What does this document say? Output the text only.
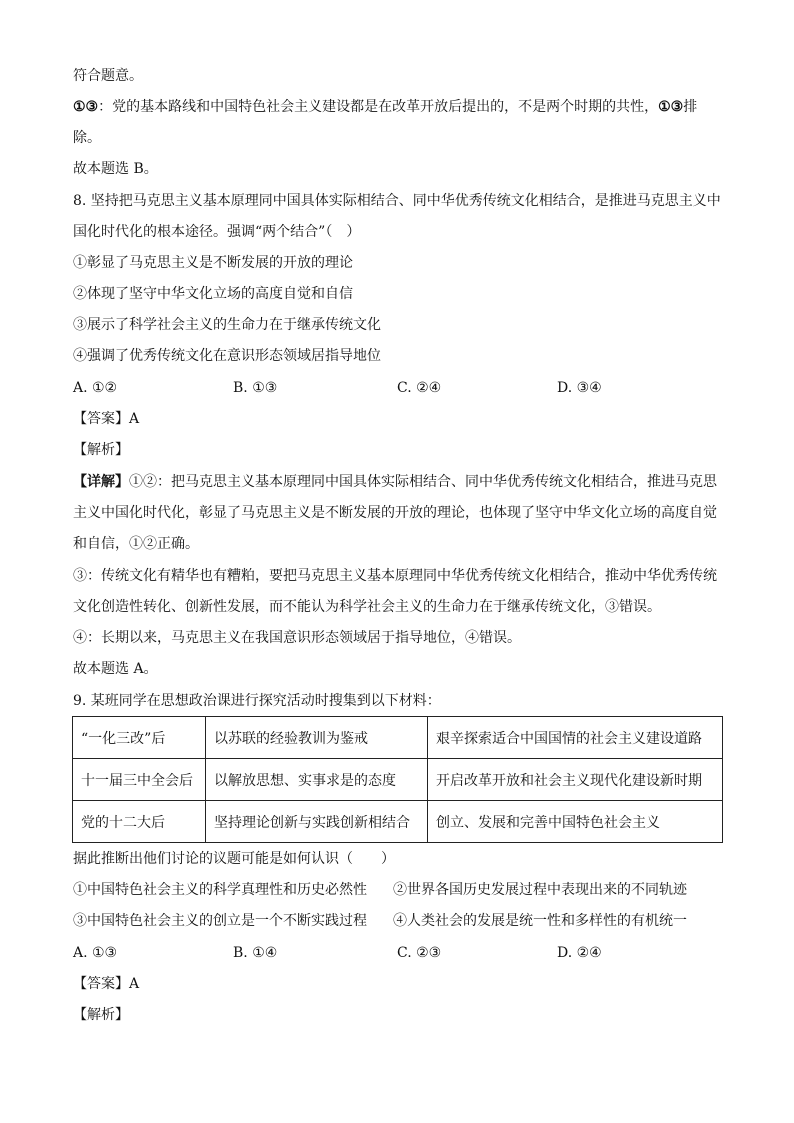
符合题意。
①③：党的基本路线和中国特色社会主义建设都是在改革开放后提出的，不是两个时期的共性，①③排
除。
故本题选 B。
8. 坚持把马克思主义基本原理同中国具体实际相结合、同中华优秀传统文化相结合，是推进马克思主义中
国化时代化的根本途径。强调“两个结合”（　）
①彰显了马克思主义是不断发展的开放的理论
②体现了坚守中华文化立场的高度自觉和自信
③展示了科学社会主义的生命力在于继承传统文化
④强调了优秀传统文化在意识形态领域居指导地位
A. ①②	B. ①③	C. ②④	D. ③④
【答案】A
【解析】
【详解】①②：把马克思主义基本原理同中国具体实际相结合、同中华优秀传统文化相结合，推进马克思
主义中国化时代化，彰显了马克思主义是不断发展的开放的理论，也体现了坚守中华文化立场的高度自觉
和自信，①②正确。
③：传统文化有精华也有糟粕，要把马克思主义基本原理同中华优秀传统文化相结合，推动中华优秀传统
文化创造性转化、创新性发展，而不能认为科学社会主义的生命力在于继承传统文化，③错误。
④：长期以来，马克思主义在我国意识形态领域居于指导地位，④错误。
故本题选 A。
9. 某班同学在思想政治课进行探究活动时搜集到以下材料：
“一化三改”后	以苏联的经验教训为鉴戒	艰辛探索适合中国国情的社会主义建设道路
十一届三中全会后	以解放思想、实事求是的态度	开启改革开放和社会主义现代化建设新时期
党的十二大后	坚持理论创新与实践创新相结合	创立、发展和完善中国特色社会主义
据此推断出他们讨论的议题可能是如何认识（　　）
①中国特色社会主义的科学真理性和历史必然性 ②世界各国历史发展过程中表现出来的不同轨迹
③中国特色社会主义的创立是一个不断实践过程 ④人类社会的发展是统一性和多样性的有机统一
A. ①③	B. ①④	C. ②③	D. ②④
【答案】A
【解析】
